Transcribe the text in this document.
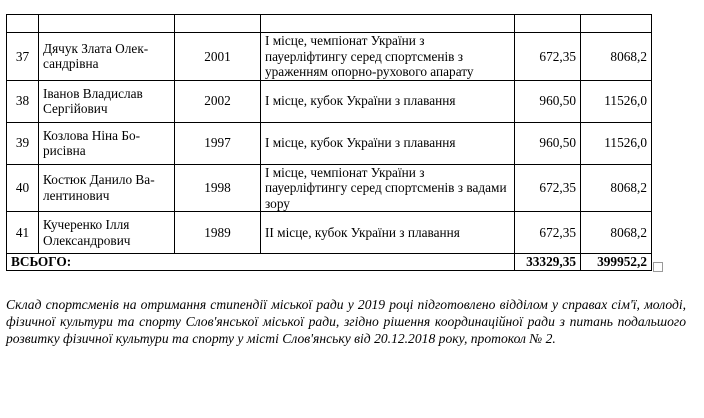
37	Дячук Злата Олек-сандрівна	2001	І місце, чемпіонат України з пауерліфтингу серед спортсменів з ураженням опорно-рухового апарату	672,35	8068,2
38	Іванов Владислав Сергійович	2002	І місце, кубок України з плавання	960,50	11526,0
39	Козлова Ніна Бо-рисівна	1997	І місце, кубок України з плавання	960,50	11526,0
40	Костюк Данило Ва-лентинович	1998	І місце, чемпіонат України з пауерліфтингу серед спортсменів з вадами зору	672,35	8068,2
41	Кучеренко Ілля Олександрович	1989	ІІ місце, кубок України з плавання	672,35	8068,2
ВСЬОГО:				33329,35	399952,2

Склад спортсменів на отримання стипендії міської ради у 2019 році підготовлено відділом у справах сім'ї, молоді, фізичної культури та спорту Слов'янської міської ради, згідно рішення координаційної ради з питань подальшого розвитку фізичної культури та спорту у місті Слов'янську від 20.12.2018 року, протокол № 2.
